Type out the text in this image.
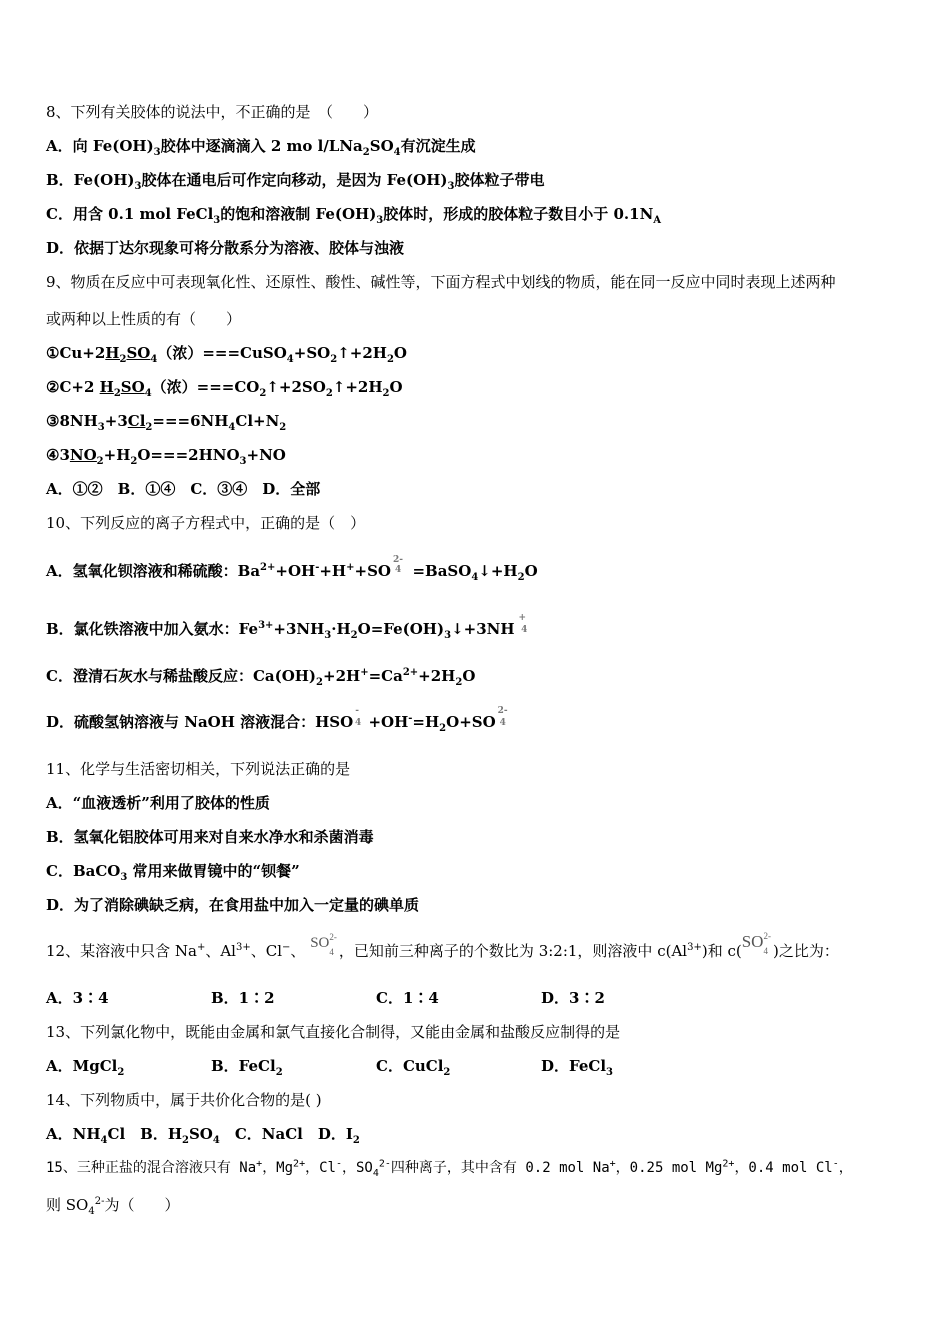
8、下列有关胶体的说法中，不正确的是　（　　）
A．向 $Fe(OH)_3$胶体中逐滴滴入 2 mo $l/LNa_2SO_4$有沉淀生成
B．$Fe(OH)_3$胶体在通电后可作定向移动，是因为 $Fe(OH)_3$胶体粒子带电
C．用含 0.1 mol FeCl$_3$的饱和溶液制 $Fe(OH)_3$胶体时，形成的胶体粒子数目小于 $0.1N_A$
D．依据丁达尔现象可将分散系分为溶液、胶体与浊液
9、物质在反应中可表现氧化性、还原性、酸性、碱性等，下面方程式中划线的物质，能在同一反应中同时表现上述两种
或两种以上性质的有（　　）
$①Cu+2H_2SO_4$（浓）$===CuSO_4+SO_2↑+2H_2O$
②C+2 $H_2SO_4$（浓）$===CO_2↑+2SO_2↑+2H_2O$
$③8NH_3+3Cl_2===6NH_4Cl+N_2$
$④3NO_2+H_2O===2HNO_3+NO$
A．①②　B．①④　C．③④　D．全部
10、下列反应的离子方程式中，正确的是（　）
A．氢氧化钡溶液和稀硫酸：$Ba^{2+}+OH^-+H^++SO^{2-4}$ $=BaSO_4↓+H_2O$
B．氯化铁溶液中加入氨水：$Fe^{3+}+3NH_3\cdot H_2O=Fe(OH)_3↓+3NH^+4$
C．澄清石灰水与稀盐酸反应：$Ca(OH)_2+2H^+=Ca^{2+}+2H_2O$
D．硫酸氢钠溶液与 NaOH 溶液混合：$HSO^-4 +OH^-=H_2O+SO^{2-}4$
11、化学与生活密切相关，下列说法正确的是
A．“血液透析”利用了胶体的性质
B．氢氧化铝胶体可用来对自来水净水和杀菌消毒
C．BaCO$_3$ 常用来做胃镜中的“钡餐”
D．为了消除碘缺乏病，在食用盐中加入一定量的碘单质
12、某溶液中只含 Na+、$Al^{3+}$、Cl−、 SO 2-
4 ，已知前三种离子的个数比为 3:2:1，则溶液中 $c(Al^{3+})$和 c(SO 2-
4 )之比为：
A．3∶4	B．1∶2	C．1∶4	D．3∶2
13、下列氯化物中，既能由金属和氯气直接化合制得，又能由金属和盐酸反应制得的是
A．MgCl$_2$	B．FeCl$_2$	C．CuCl$_2$	D．FeCl$_3$
14、下列物质中，属于共价化合物的是( )
A．$NH_4Cl$　B．$H_2SO_4$　C．NaCl　D．$I_2$
15、三种正盐的混合溶液只有 Na+，$Mg^{2+}$，Cl-，$SO_4^{2-}$四种离子，其中含有 0.2 mol Na+，0.25 mol $Mg^{2+}$，0.4 mol Cl-，
则 $SO_4^{2-}$为（　　）
